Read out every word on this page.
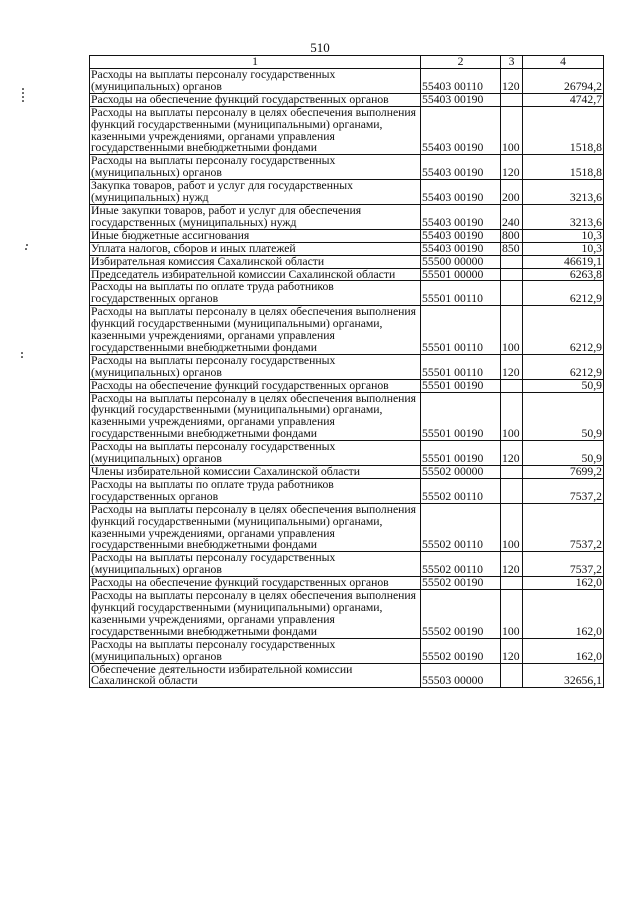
510
1	2	3	4
Расходы на выплаты персоналу государственных (муниципальных) органов	55403 00110	120	26794,2
Расходы на обеспечение функций государственных органов	55403 00190		4742,7
Расходы на выплаты персоналу в целях обеспечения выполнения функций государственными (муниципальными) органами, казенными учреждениями, органами управления государственными внебюджетными фондами	55403 00190	100	1518,8
Расходы на выплаты персоналу государственных (муниципальных) органов	55403 00190	120	1518,8
Закупка товаров, работ и услуг для государственных (муниципальных) нужд	55403 00190	200	3213,6
Иные закупки товаров, работ и услуг для обеспечения государственных (муниципальных) нужд	55403 00190	240	3213,6
Иные бюджетные ассигнования	55403 00190	800	10,3
Уплата налогов, сборов и иных платежей	55403 00190	850	10,3
Избирательная комиссия Сахалинской области	55500 00000		46619,1
Председатель избирательной комиссии Сахалинской области	55501 00000		6263,8
Расходы на выплаты по оплате труда работников государственных органов	55501 00110		6212,9
Расходы на выплаты персоналу в целях обеспечения выполнения функций государственными (муниципальными) органами, казенными учреждениями, органами управления государственными внебюджетными фондами	55501 00110	100	6212,9
Расходы на выплаты персоналу государственных (муниципальных) органов	55501 00110	120	6212,9
Расходы на обеспечение функций государственных органов	55501 00190		50,9
Расходы на выплаты персоналу в целях обеспечения выполнения функций государственными (муниципальными) органами, казенными учреждениями, органами управления государственными внебюджетными фондами	55501 00190	100	50,9
Расходы на выплаты персоналу государственных (муниципальных) органов	55501 00190	120	50,9
Члены избирательной комиссии Сахалинской области	55502 00000		7699,2
Расходы на выплаты по оплате труда работников государственных органов	55502 00110		7537,2
Расходы на выплаты персоналу в целях обеспечения выполнения функций государственными (муниципальными) органами, казенными учреждениями, органами управления государственными внебюджетными фондами	55502 00110	100	7537,2
Расходы на выплаты персоналу государственных (муниципальных) органов	55502 00110	120	7537,2
Расходы на обеспечение функций государственных органов	55502 00190		162,0
Расходы на выплаты персоналу в целях обеспечения выполнения функций государственными (муниципальными) органами, казенными учреждениями, органами управления государственными внебюджетными фондами	55502 00190	100	162,0
Расходы на выплаты персоналу государственных (муниципальных) органов	55502 00190	120	162,0
Обеспечение деятельности избирательной комиссии Сахалинской области	55503 00000		32656,1
